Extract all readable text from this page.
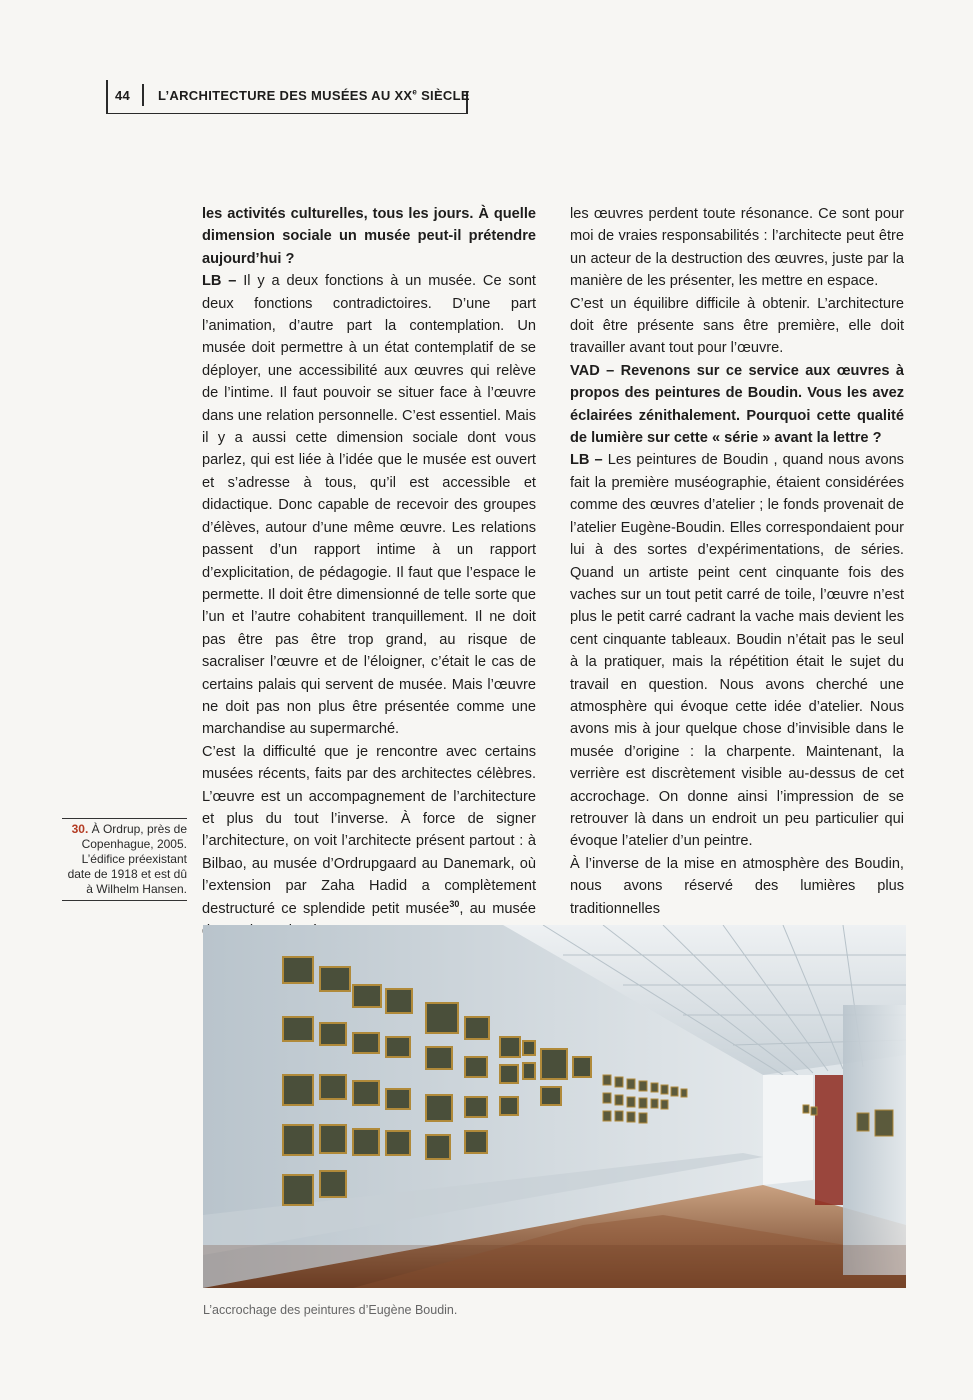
44 L’ARCHITECTURE DES MUSÉES AU XXe SIÈCLE

les activités culturelles, tous les jours. À quelle dimension sociale un musée peut-il prétendre aujourd’hui ?

LB – Il y a deux fonctions à un musée. Ce sont deux fonctions contradictoires. D’une part l’animation, d’autre part la contemplation. Un musée doit permettre à un état contemplatif de se déployer, une accessibilité aux œuvres qui relève de l’intime. Il faut pouvoir se situer face à l’œuvre dans une relation personnelle. C’est essentiel. Mais il y a aussi cette dimension sociale dont vous parlez, qui est liée à l’idée que le musée est ouvert et s’adresse à tous, qu’il est accessible et didactique. Donc capable de recevoir des groupes d’élèves, autour d’une même œuvre. Les relations passent d’un rapport intime à un rapport d’explicitation, de pédagogie. Il faut que l’espace le permette. Il doit être dimensionné de telle sorte que l’un et l’autre cohabitent tranquillement. Il ne doit pas être pas être trop grand, au risque de sacraliser l’œuvre et de l’éloigner, c’était le cas de certains palais qui servent de musée. Mais l’œuvre ne doit pas non plus être présentée comme une marchandise au supermarché.

C’est la difficulté que je rencontre avec certains musées récents, faits par des architectes célèbres. L’œuvre est un accompagnement de l’architecture et plus du tout l’inverse. À force de signer l’architecture, on voit l’architecte présent partout : à Bilbao, au musée d’Ordrupgaard au Danemark, où l’extension par Zaha Hadid a complètement destructuré ce splendide petit musée$^{30}$, au musée

les œuvres perdent toute résonance. Ce sont pour moi de vraies responsabilités : l’architecte peut être un acteur de la destruction des œuvres, juste par la manière de les présenter, les mettre en espace.

C’est un équilibre difficile à obtenir. L’architecture doit être présente sans être première, elle doit travailler avant tout pour l’œuvre.

VAD – Revenons sur ce service aux œuvres à propos des peintures de Boudin. Vous les avez éclairées zénithalement. Pourquoi cette qualité de lumière sur cette « série » avant la lettre ?

LB – Les peintures de Boudin , quand nous avons fait la première muséographie, étaient considérées comme des œuvres d’atelier ; le fonds provenait de l’atelier Eugène-Boudin. Elles correspondaient pour lui à des sortes d’expérimentations, de séries. Quand un artiste peint cent cinquante fois des vaches sur un tout petit carré de toile, l’œuvre n’est plus le petit carré cadrant la vache mais devient les cent cinquante tableaux. Boudin n’était pas le seul à la pratiquer, mais la répétition était le sujet du travail en question. Nous avons cherché une atmosphère qui évoque cette idée d’atelier. Nous avons mis à jour quelque chose d’invisible dans le musée d’origine : la charpente. Maintenant, la verrière est discrètement visible au-dessus de cet accrochage. On donne ainsi l’impression de se retrouver là dans un endroit un peu particulier qui évoque l’atelier d’un peintre.

À l’inverse de la mise en atmosphère des Boudin, nous avons réservé des lumières plus traditionnelles

30. À Ordrup, près de Copenhague, 2005. L’édifice préexistant date de 1918 et est dû à Wilhelm Hansen.
L’accrochage des peintures d’Eugène Boudin.
